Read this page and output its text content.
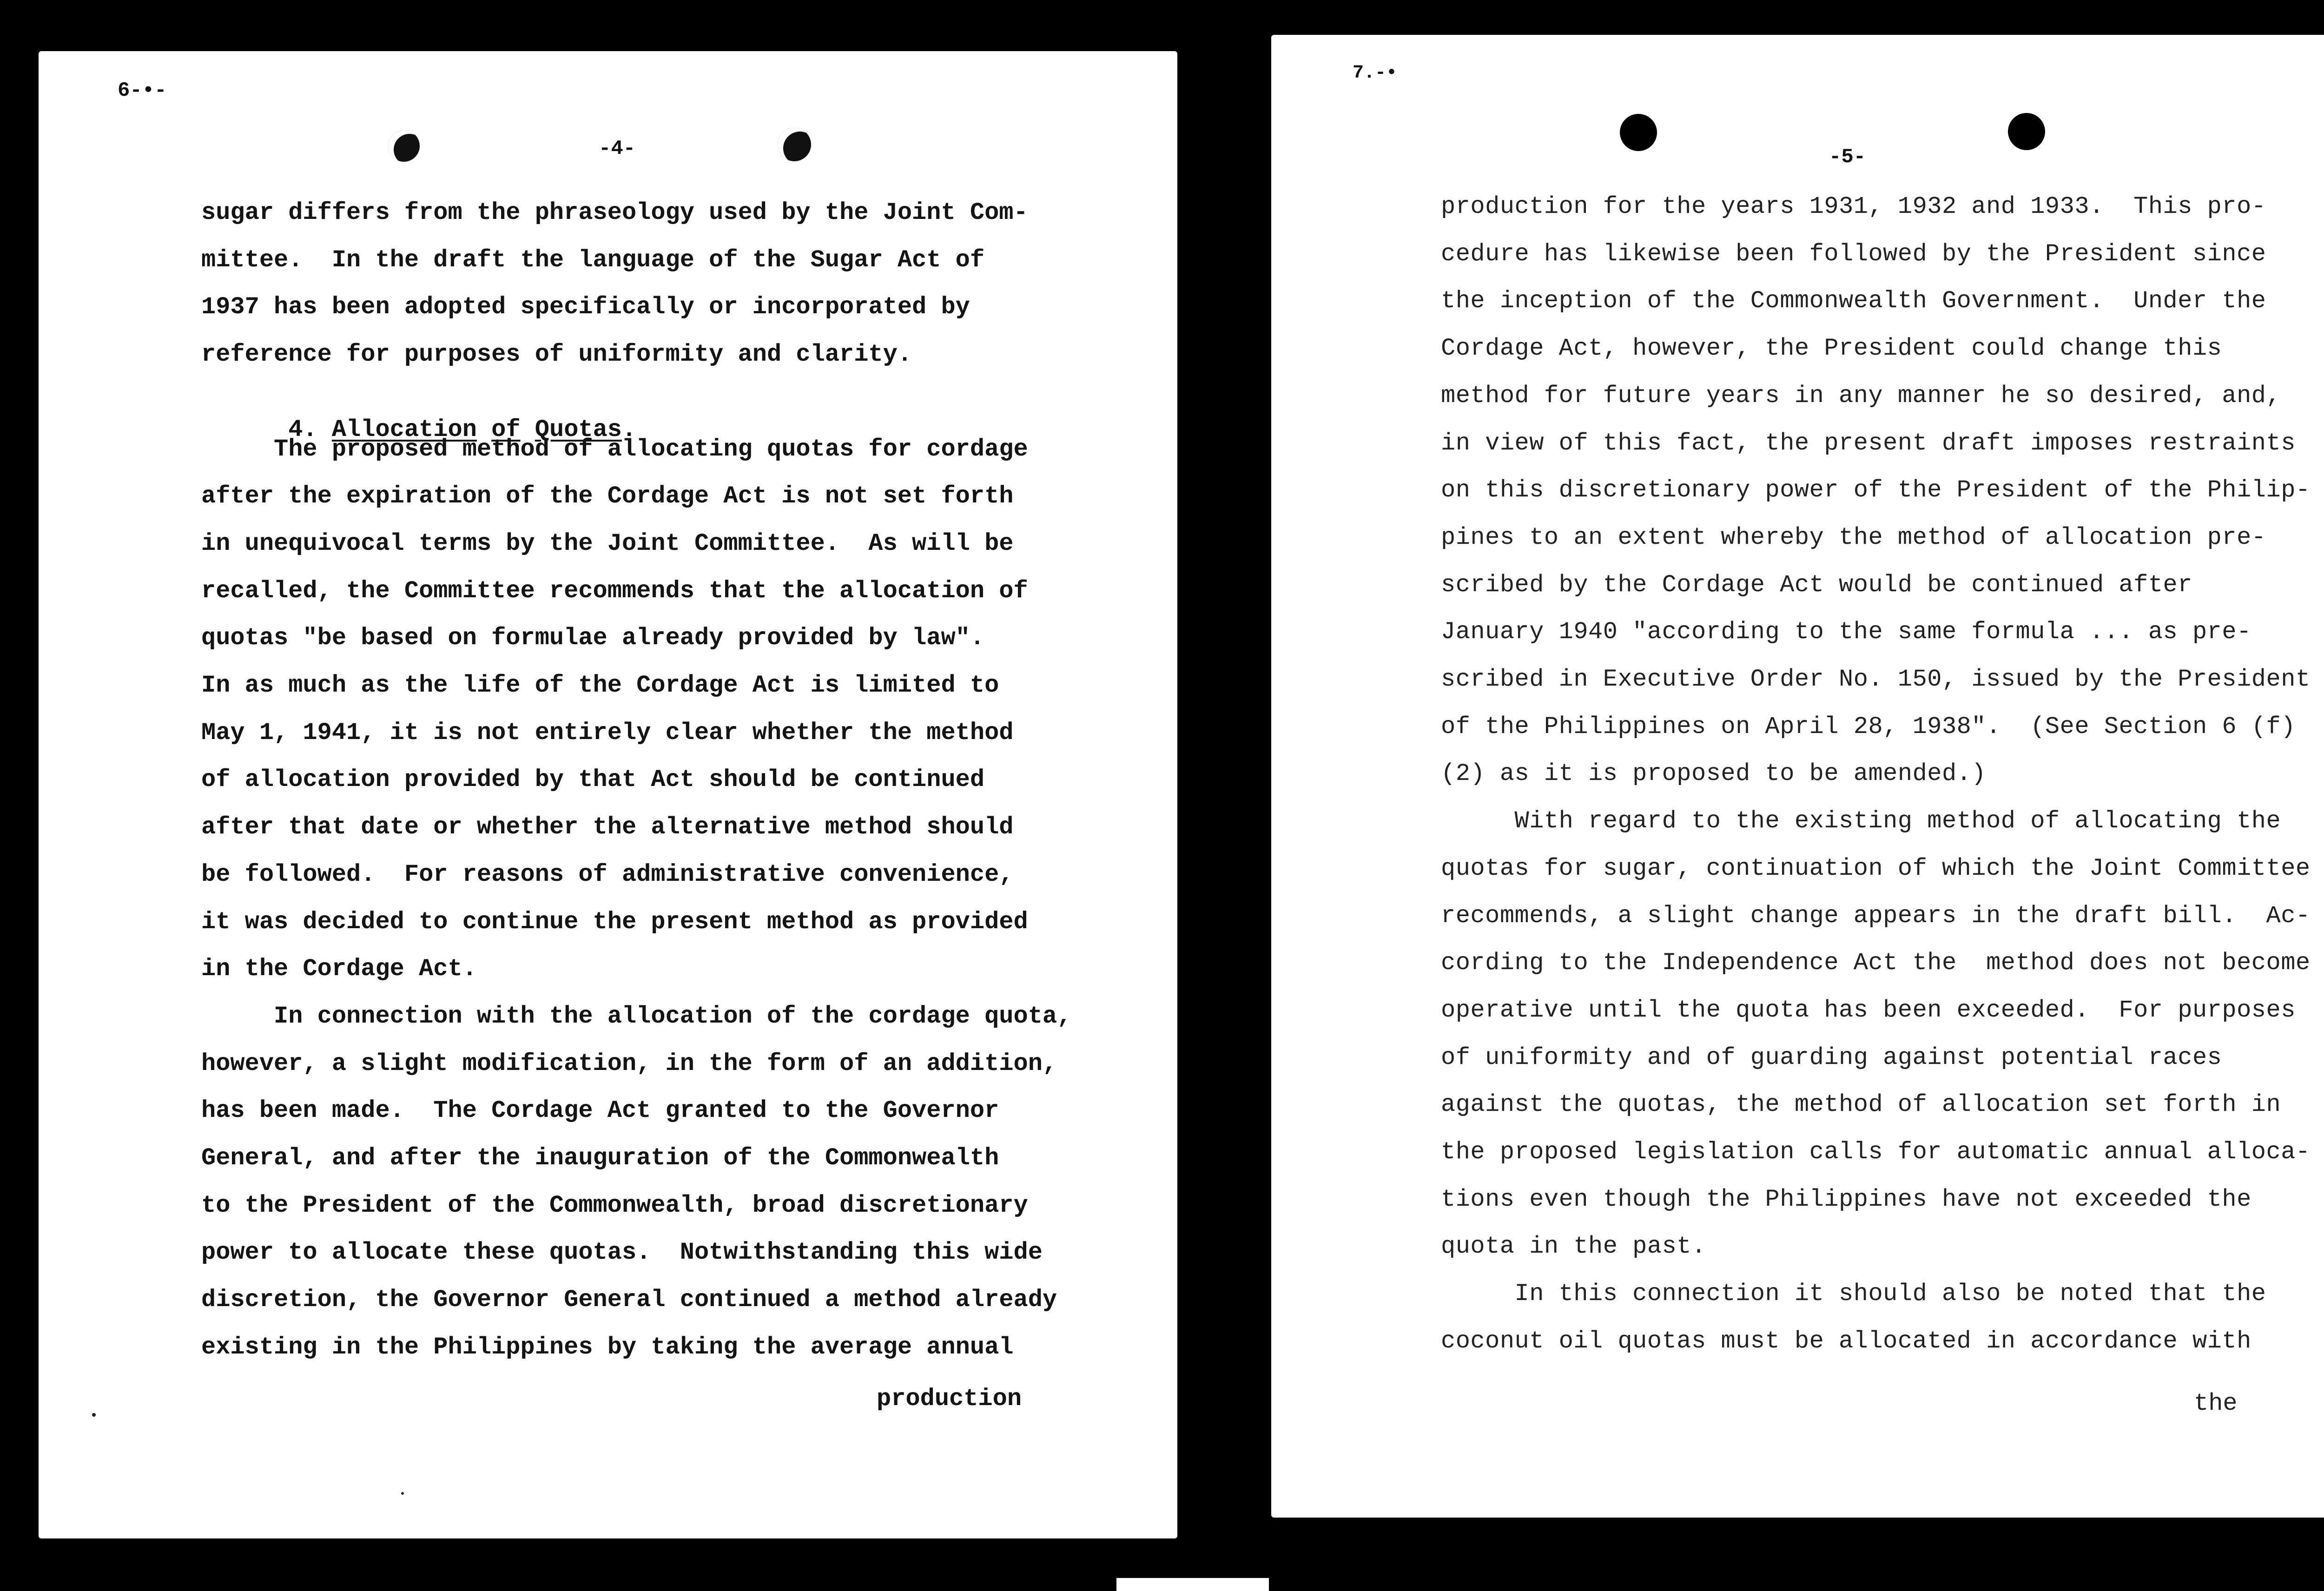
6-•-
-4-
sugar differs from the phraseology used by the Joint Com-
mittee.  In the draft the language of the Sugar Act of
1937 has been adopted specifically or incorporated by
reference for purposes of uniformity and clarity.
The proposed method of allocating quotas for cordage
after the expiration of the Cordage Act is not set forth
in unequivocal terms by the Joint Committee.  As will be
recalled, the Committee recommends that the allocation of
quotas "be based on formulae already provided by law".
In as much as the life of the Cordage Act is limited to
May 1, 1941, it is not entirely clear whether the method
of allocation provided by that Act should be continued
after that date or whether the alternative method should
be followed.  For reasons of administrative convenience,
it was decided to continue the present method as provided
in the Cordage Act.
In connection with the allocation of the cordage quota,
however, a slight modification, in the form of an addition,
has been made.  The Cordage Act granted to the Governor
General, and after the inauguration of the Commonwealth
to the President of the Commonwealth, broad discretionary
power to allocate these quotas.  Notwithstanding this wide
discretion, the Governor General continued a method already
existing in the Philippines by taking the average annual

4. Allocation of Quotas.

production
7.-•
-5-
production for the years 1931, 1932 and 1933.  This pro-
cedure has likewise been followed by the President since
the inception of the Commonwealth Government.  Under the
Cordage Act, however, the President could change this
method for future years in any manner he so desired, and,
in view of this fact, the present draft imposes restraints
on this discretionary power of the President of the Philip-
pines to an extent whereby the method of allocation pre-
scribed by the Cordage Act would be continued after
January 1940 "according to the same formula ... as pre-
scribed in Executive Order No. 150, issued by the President
of the Philippines on April 28, 1938".  (See Section 6 (f)
(2) as it is proposed to be amended.)
With regard to the existing method of allocating the
quotas for sugar, continuation of which the Joint Committee
recommends, a slight change appears in the draft bill.  Ac-
cording to the Independence Act the  method does not become
operative until the quota has been exceeded.  For purposes
of uniformity and of guarding against potential races
against the quotas, the method of allocation set forth in
the proposed legislation calls for automatic annual alloca-
tions even though the Philippines have not exceeded the
quota in the past.
In this connection it should also be noted that the
coconut oil quotas must be allocated in accordance with
the
